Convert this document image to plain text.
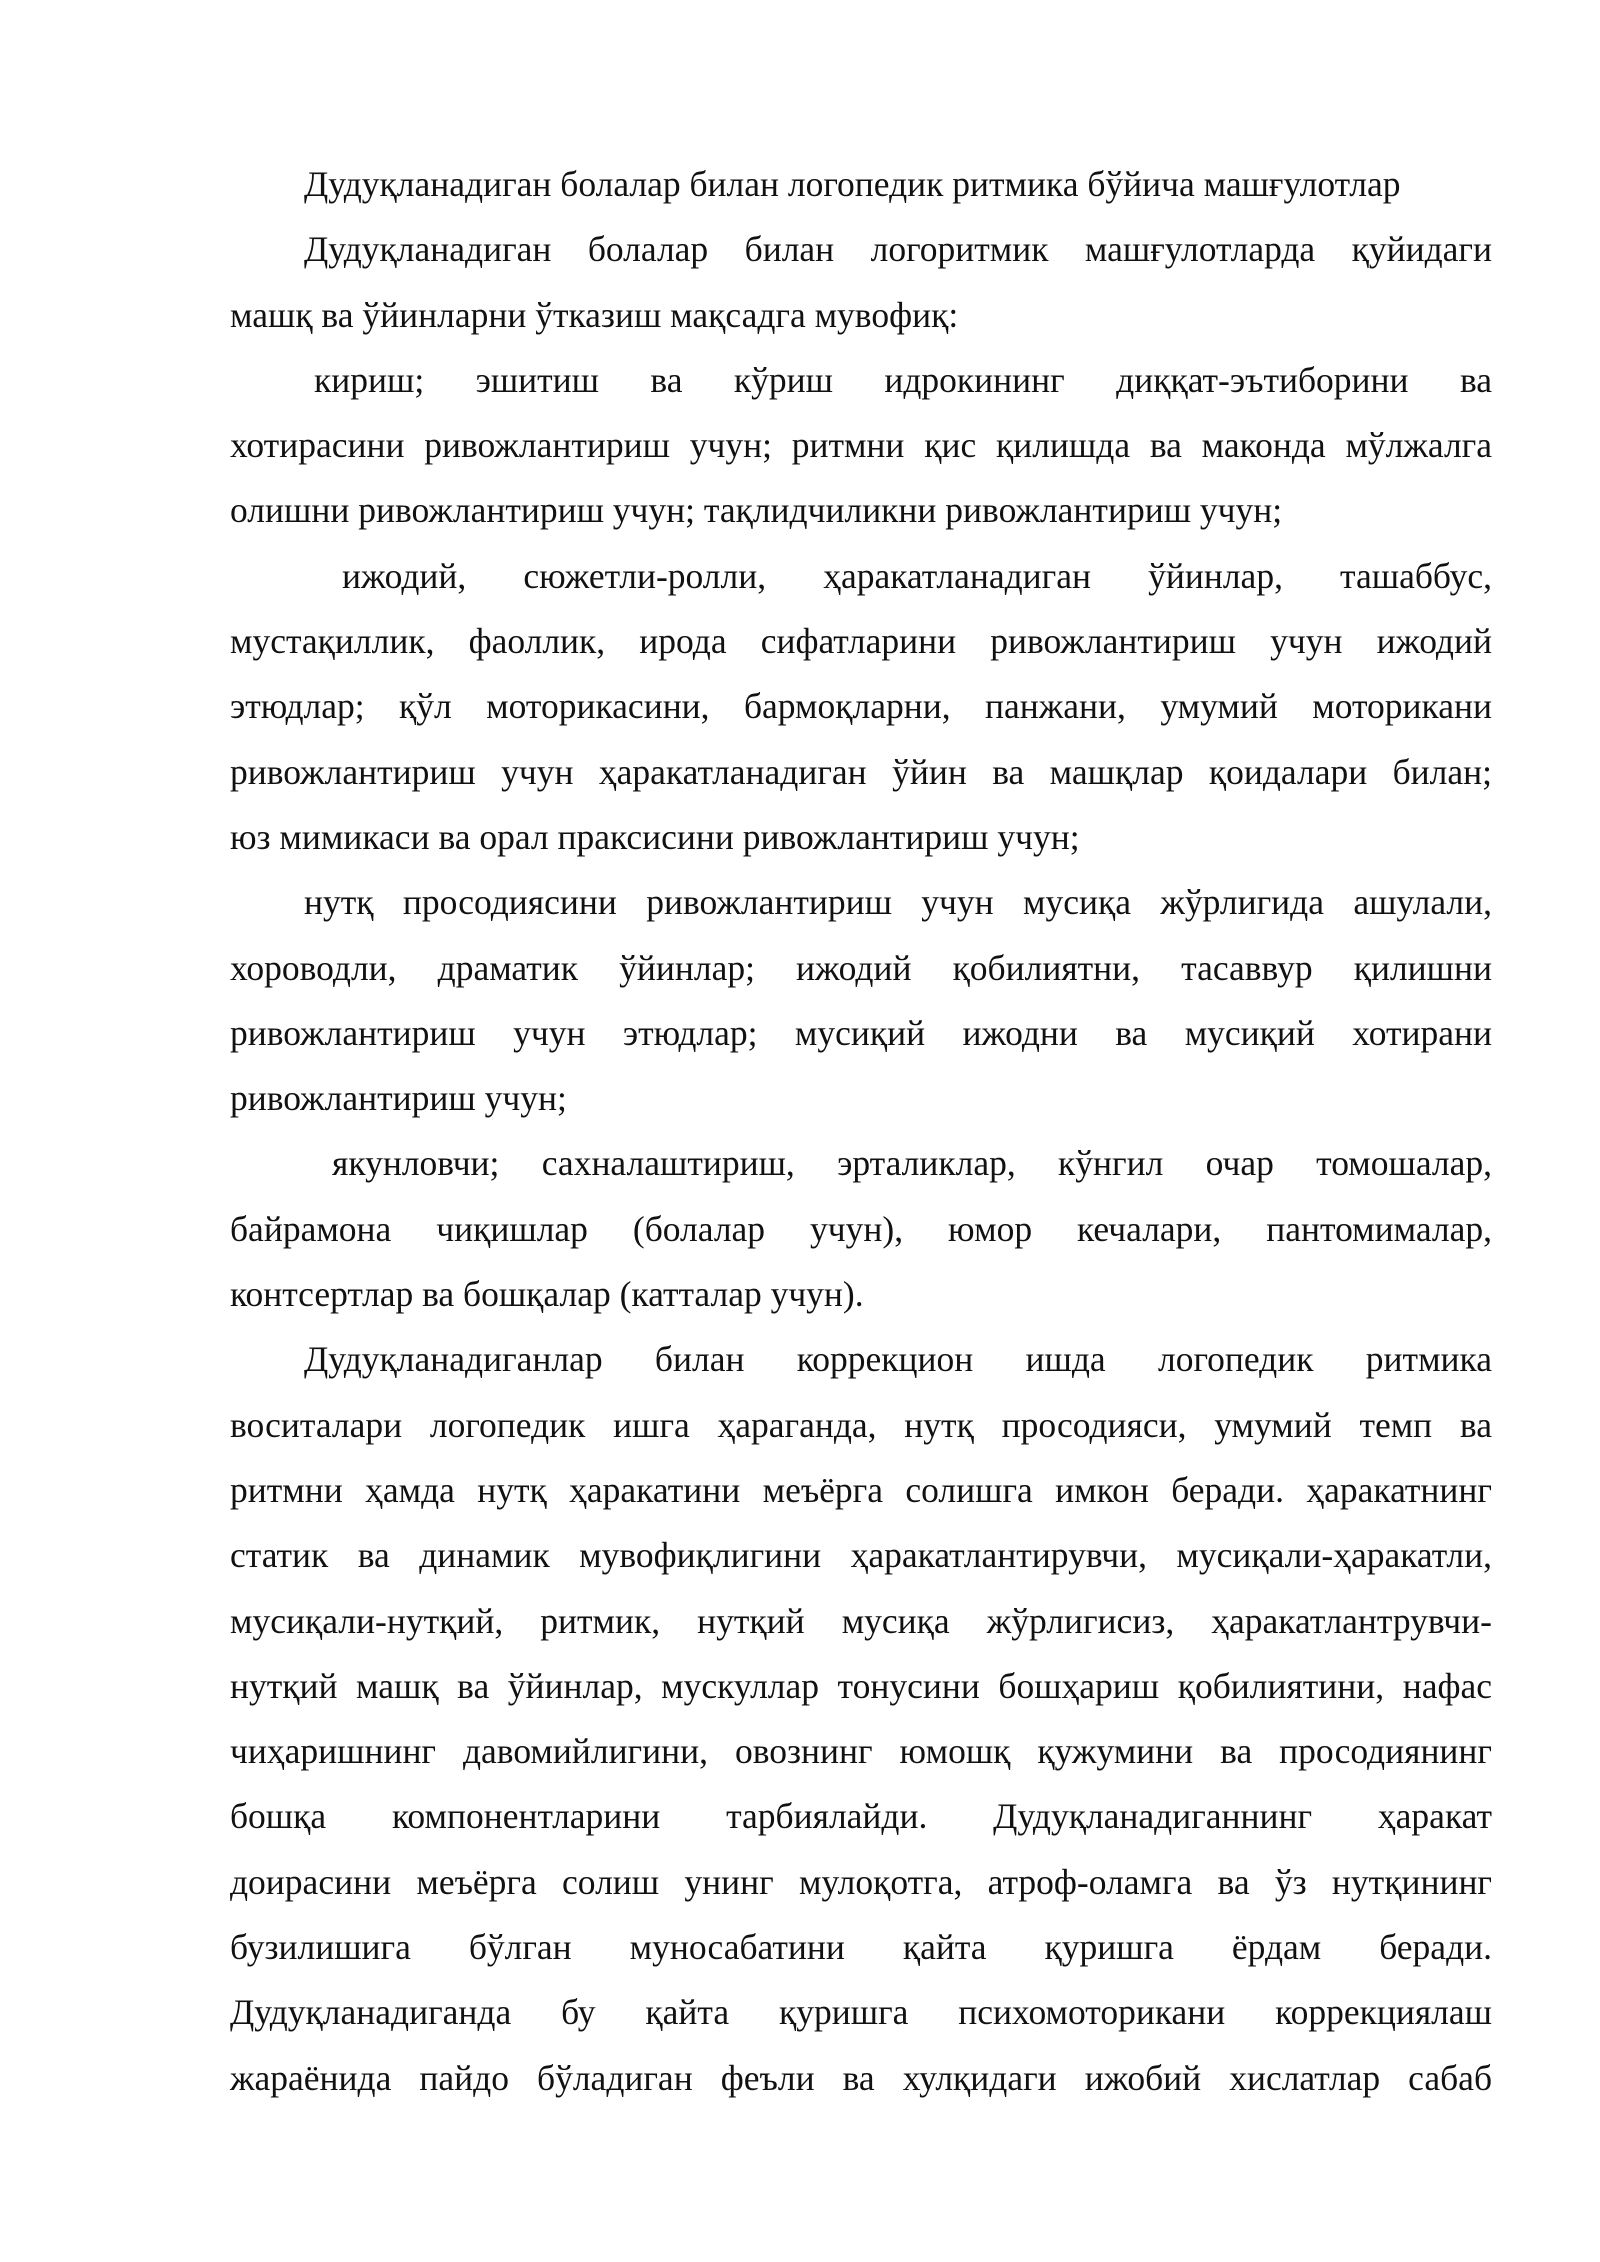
Дудуқланадиган болалар билан логопедик ритмика бўйича машғулотлар

Дудуқланадиган болалар билан логоритмик машғулотларда қуйидаги

машқ ва ўйинларни ўтказиш мақсадга мувофиқ:

кириш; эшитиш ва кўриш идрокининг диққат-эътиборини ва

хотирасини ривожлантириш учун; ритмни қис қилишда ва маконда мўлжалга

олишни ривожлантириш учун; тақлидчиликни ривожлантириш учун;

ижодий, сюжетли-ролли, ҳаракатланадиган ўйинлар, ташаббус,

мустақиллик, фаоллик, ирода сифатларини ривожлантириш учун ижодий

этюдлар; қўл моторикасини, бармоқларни, панжани, умумий моторикани

ривожлантириш учун ҳаракатланадиган ўйин ва машқлар қоидалари билан;

юз мимикаси ва орал праксисини ривожлантириш учун;

нутқ просодиясини ривожлантириш учун мусиқа жўрлигида ашулали,

хороводли, драматик ўйинлар; ижодий қобилиятни, тасаввур қилишни

ривожлантириш учун этюдлар; мусиқий ижодни ва мусиқий хотирани

ривожлантириш учун;

якунловчи; сахналаштириш, эрталиклар, кўнгил очар томошалар,

байрамона чиқишлар (болалар учун), юмор кечалари, пантомималар,

контсертлар ва бошқалар (катталар учун).

Дудуқланадиганлар билан коррекцион ишда логопедик ритмика

воситалари логопедик ишга ҳараганда, нутқ просодияси, умумий темп ва

ритмни ҳамда нутқ ҳаракатини меъёрга солишга имкон беради. ҳаракатнинг

статик ва динамик мувофиқлигини ҳаракатлантирувчи, мусиқали-ҳаракатли,

мусиқали-нутқий, ритмик, нутқий мусиқа жўрлигисиз, ҳаракатлантрувчи-

нутқий машқ ва ўйинлар, мускуллар тонусини бошҳариш қобилиятини, нафас

чиҳаришнинг давомийлигини, овознинг юмошқ қужумини ва просодиянинг

бошқа компонентларини тарбиялайди. Дудуқланадиганнинг ҳаракат

доирасини меъёрга солиш унинг мулоқотга, атроф-оламга ва ўз нутқининг

бузилишига бўлган муносабатини қайта қуришга ёрдам беради.

Дудуқланадиганда бу қайта қуришга психомоторикани коррекциялаш

жараёнида пайдо бўладиган феъли ва хулқидаги ижобий хислатлар сабаб
